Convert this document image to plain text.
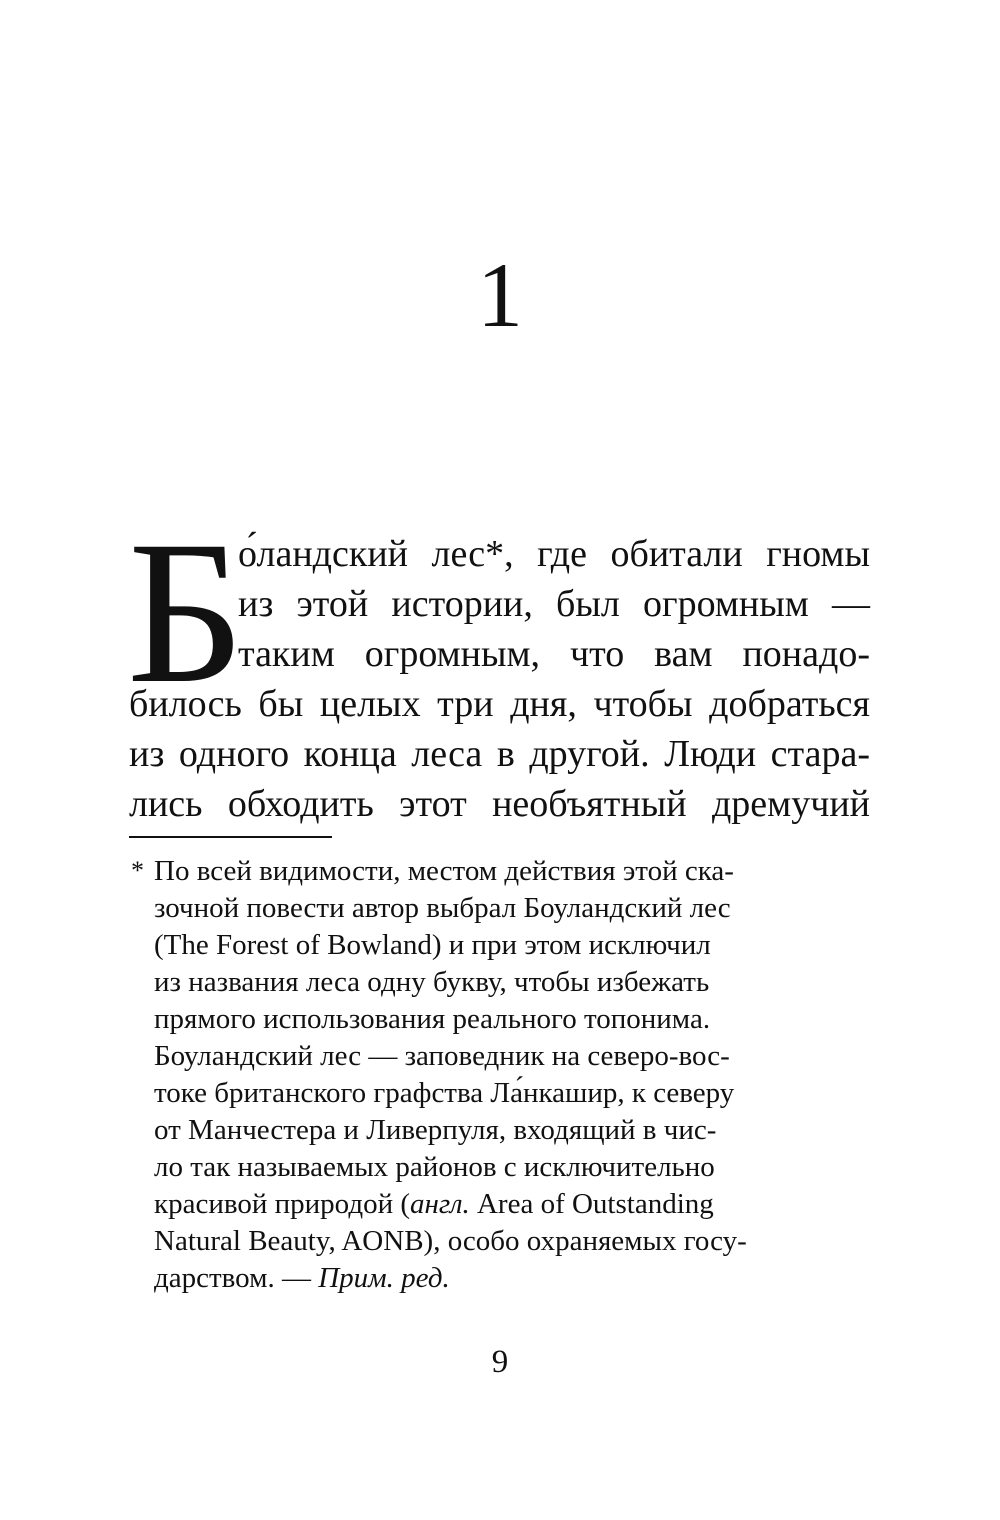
1
Б
о́ландский лес*, где обитали гномы
из этой истории, был огромным —
таким огромным, что вам понадо-
билось бы целых три дня, чтобы добраться
из одного конца леса в другой. Люди стара-
лись обходить этот необъятный дремучий
* По всей видимости, местом действия этой ска-
зочной повести автор выбрал Боуландский лес
(The Forest of Bowland) и при этом исключил
из названия леса одну букву, чтобы избежать
прямого использования реального топонима.
Боуландский лес — заповедник на северо-вос-
токе британского графства Ла́нкашир, к северу
от Манчестера и Ливерпуля, входящий в чис-
ло так называемых районов с исключительно
красивой природой (англ. Area of Outstanding
Natural Beauty, AONB), особо охраняемых госу-
дарством. — Прим. ред.
9
